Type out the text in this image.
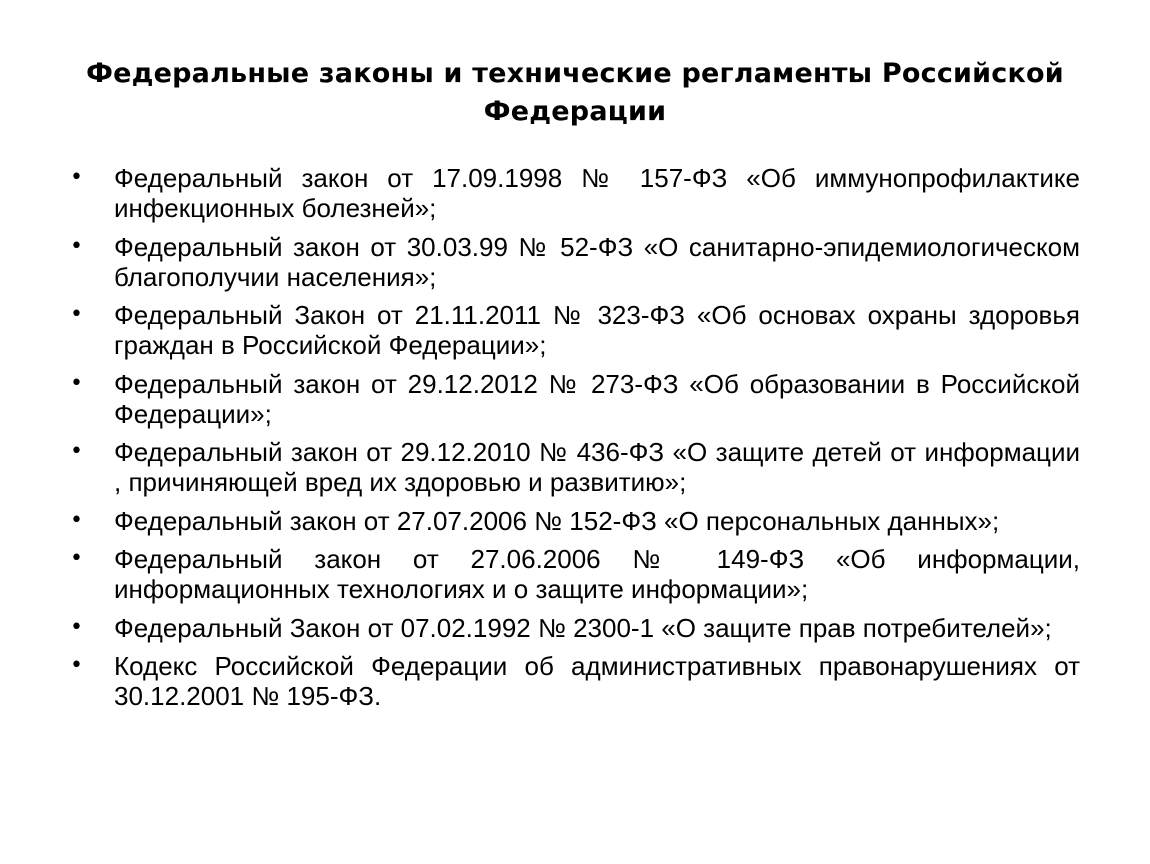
Федеральные законы и технические регламенты Российской Федерации
• Федеральный закон от 17.09.1998 № 157-ФЗ «Об иммунопрофилактике инфекционных болезней»;
• Федеральный закон от 30.03.99 № 52-ФЗ «О санитарно-эпидемиологическом благополучии населения»;
• Федеральный Закон от 21.11.2011 № 323-ФЗ «Об основах охраны здоровья граждан в Российской Федерации»;
• Федеральный закон от 29.12.2012 № 273-ФЗ «Об образовании в Российской Федерации»;
• Федеральный закон от 29.12.2010 № 436-ФЗ «О защите детей от информации , причиняющей вред их здоровью и развитию»;
• Федеральный закон от 27.07.2006 № 152-ФЗ «О персональных данных»;
• Федеральный закон от 27.06.2006 № 149-ФЗ «Об информации, информационных технологиях и о защите информации»;
• Федеральный Закон от 07.02.1992 № 2300-1 «О защите прав потребителей»;
• Кодекс Российской Федерации об административных правонарушениях от 30.12.2001 № 195-ФЗ.
